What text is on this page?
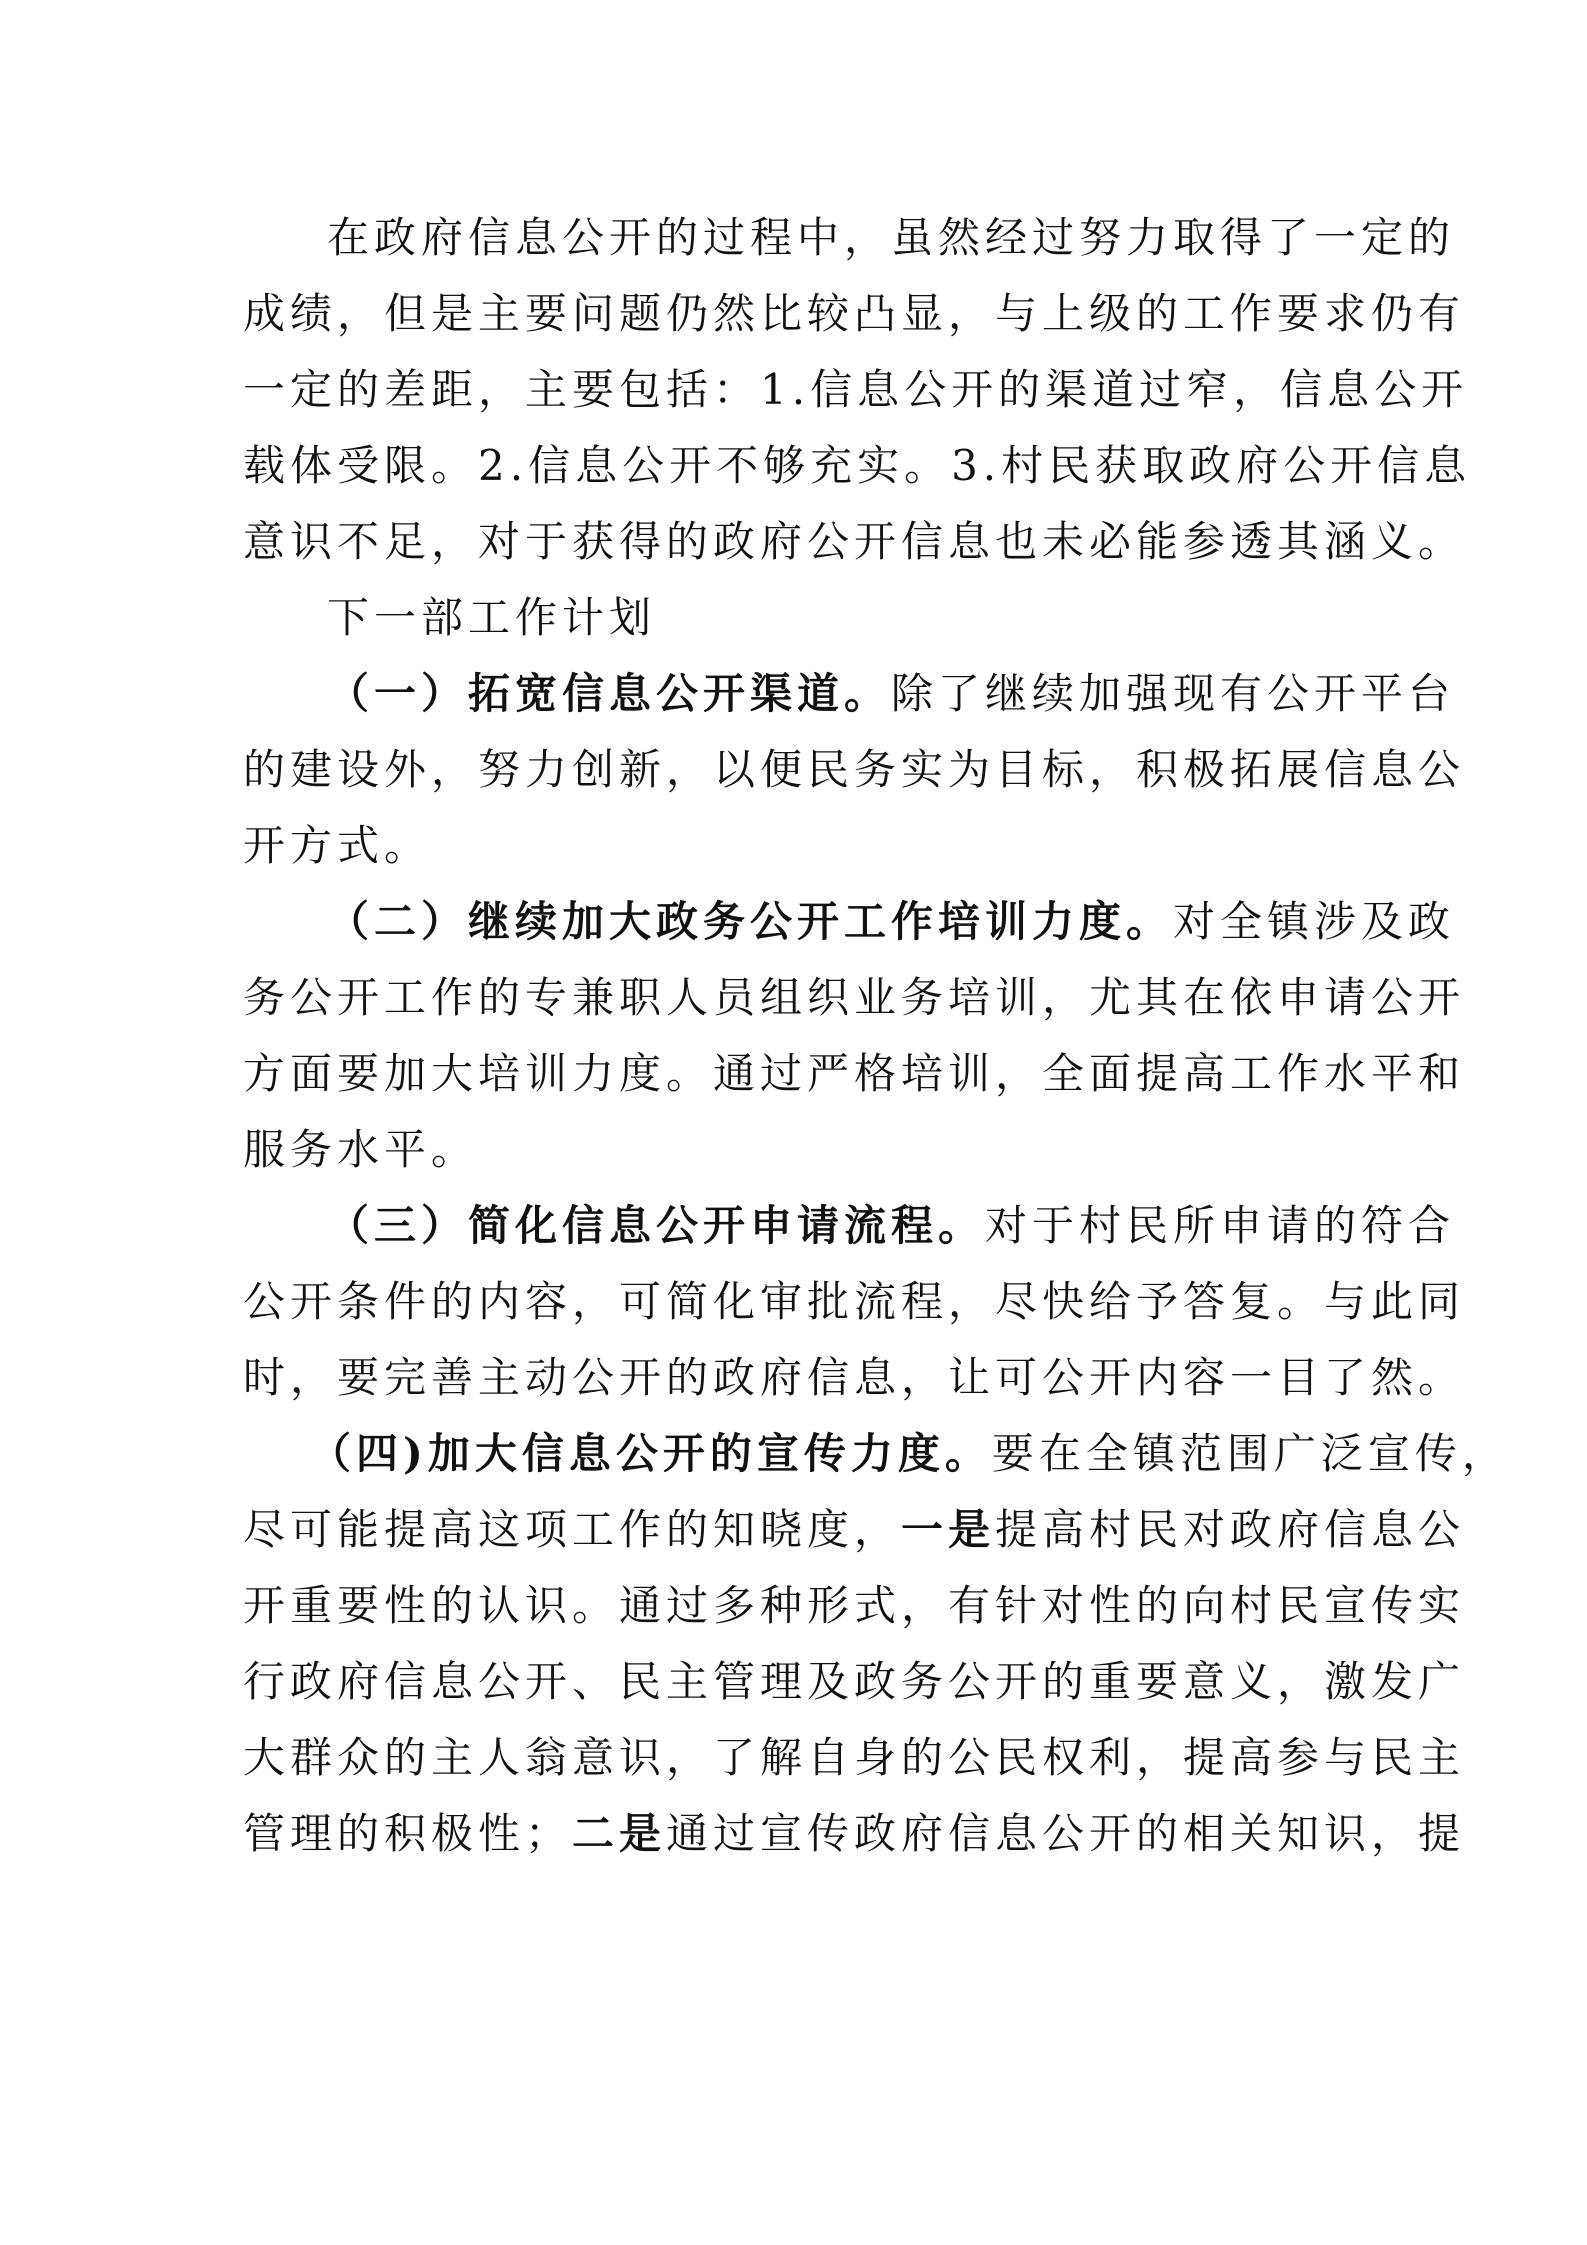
在政府信息公开的过程中，虽然经过努力取得了一定的
成绩，但是主要问题仍然比较凸显，与上级的工作要求仍有
一定的差距，主要包括：1.信息公开的渠道过窄，信息公开
载体受限。2.信息公开不够充实。3.村民获取政府公开信息
意识不足，对于获得的政府公开信息也未必能参透其涵义。
下一部工作计划
（一）拓宽信息公开渠道。除了继续加强现有公开平台
的建设外，努力创新，以便民务实为目标，积极拓展信息公
开方式。
（二）继续加大政务公开工作培训力度。对全镇涉及政
务公开工作的专兼职人员组织业务培训，尤其在依申请公开
方面要加大培训力度。通过严格培训，全面提高工作水平和
服务水平。
（三）简化信息公开申请流程。对于村民所申请的符合
公开条件的内容，可简化审批流程，尽快给予答复。与此同
时，要完善主动公开的政府信息，让可公开内容一目了然。
（四)加大信息公开的宣传力度。要在全镇范围广泛宣传，
尽可能提高这项工作的知晓度，一是提高村民对政府信息公
开重要性的认识。通过多种形式，有针对性的向村民宣传实
行政府信息公开、民主管理及政务公开的重要意义，激发广
大群众的主人翁意识，了解自身的公民权利，提高参与民主
管理的积极性；二是通过宣传政府信息公开的相关知识，提
